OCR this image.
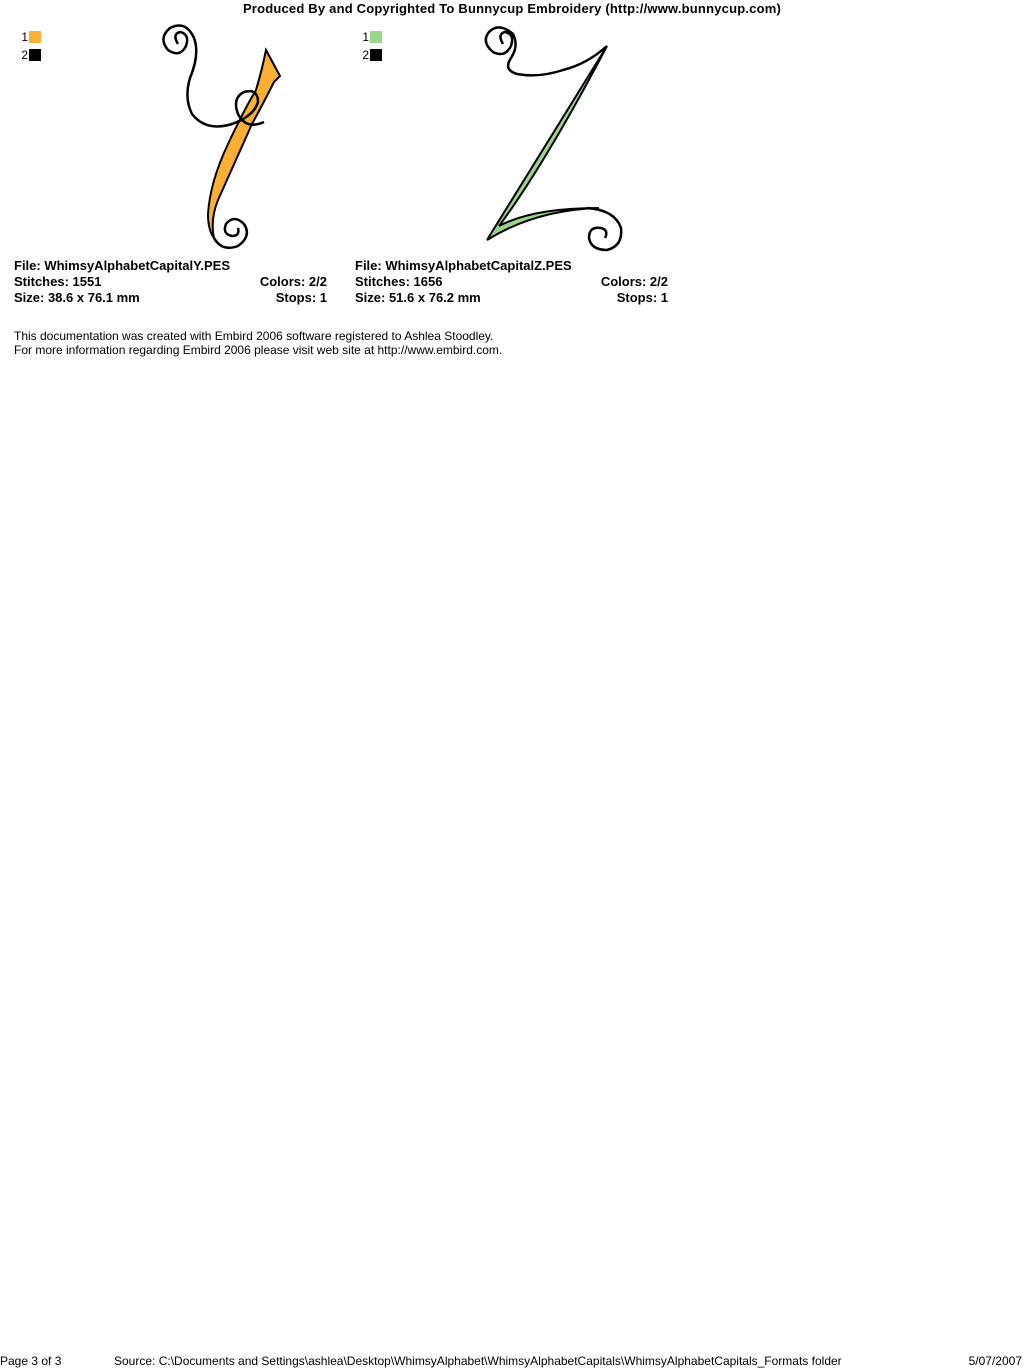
Produced By and Copyrighted To Bunnycup Embroidery (http://www.bunnycup.com)
1
2
File: WhimsyAlphabetCapitalY.PES
Stitches: 1551	Colors: 2/2
Size: 38.6 x 76.1 mm	Stops: 1
1
2
File: WhimsyAlphabetCapitalZ.PES
Stitches: 1656	Colors: 2/2
Size: 51.6 x 76.2 mm	Stops: 1
This documentation was created with Embird 2006 software registered to Ashlea Stoodley.
For more information regarding Embird 2006 please visit web site at http://www.embird.com.
Page 3 of 3	Source: C:\Documents and Settings\ashlea\Desktop\WhimsyAlphabet\WhimsyAlphabetCapitals\WhimsyAlphabetCapitals_Formats folder	5/07/2007
